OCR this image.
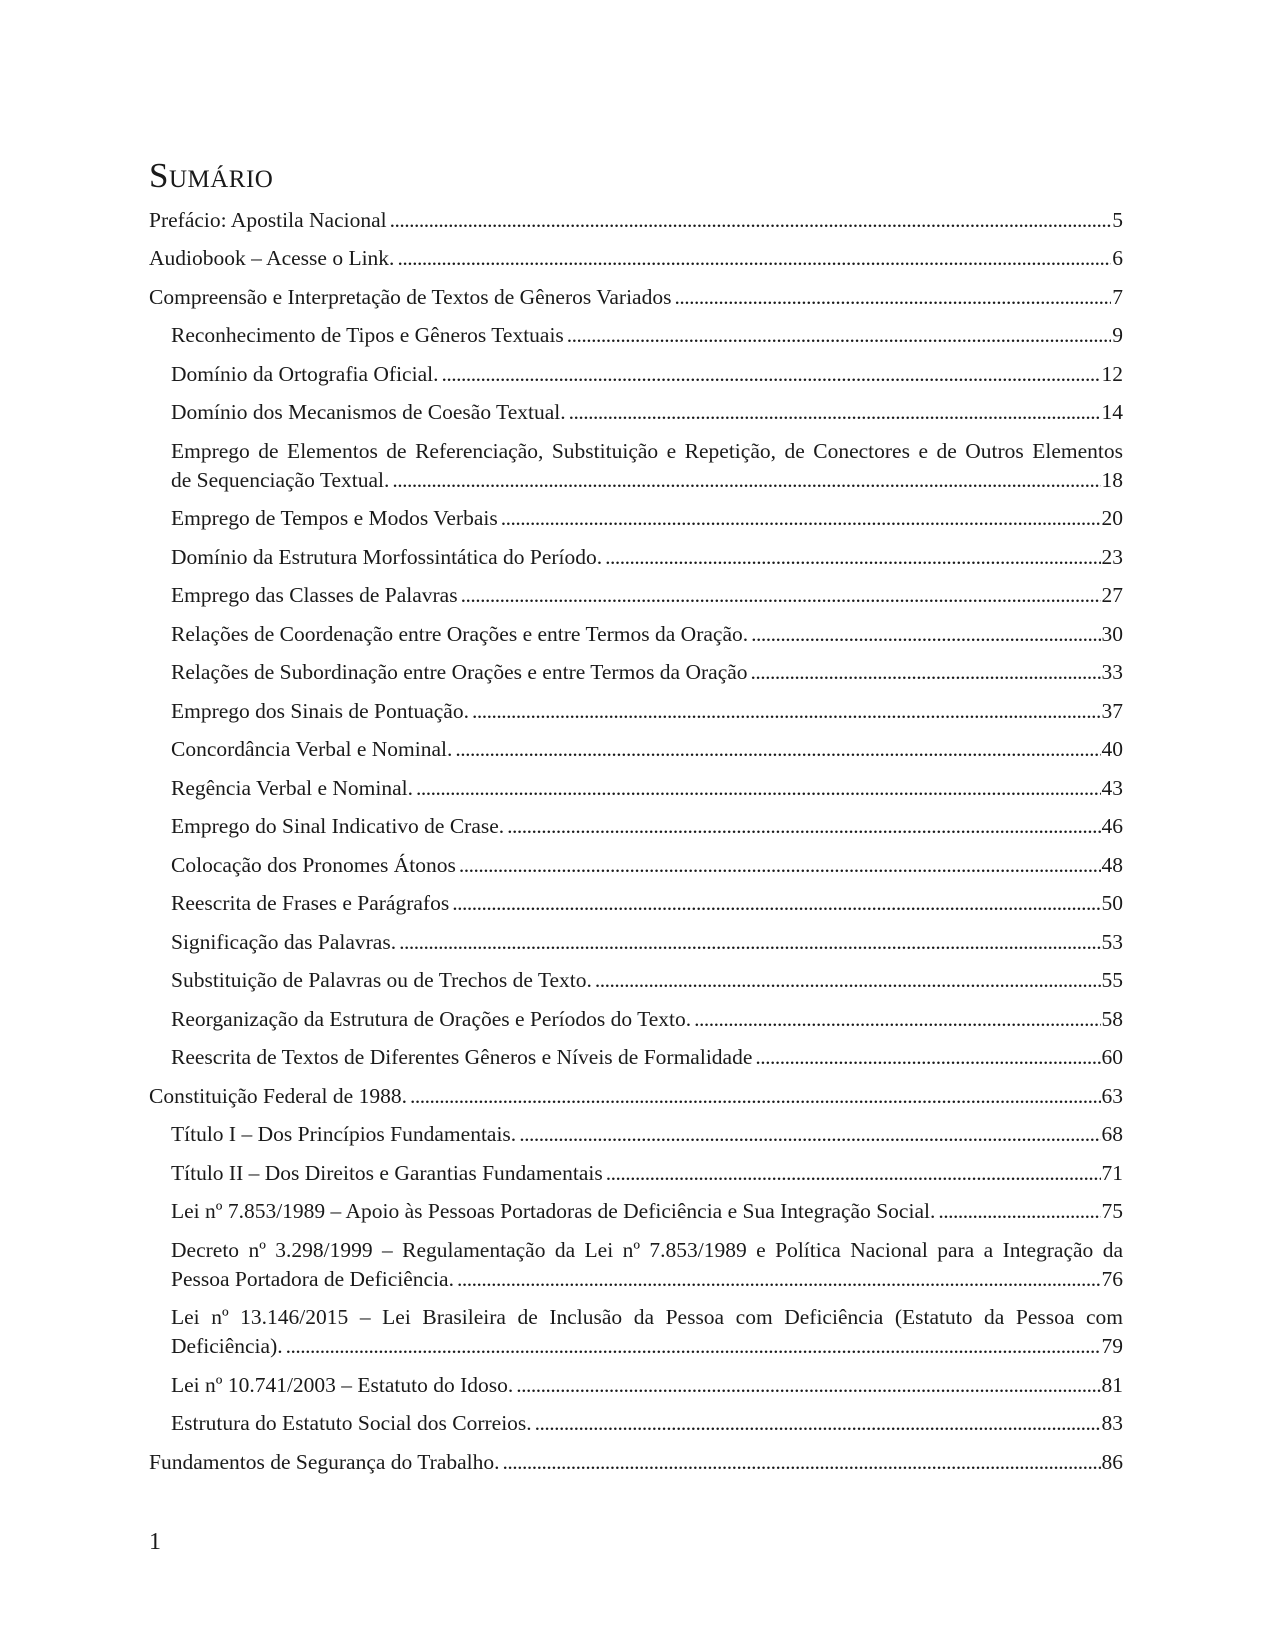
Sumário
Prefácio: Apostila Nacional .....	5
Audiobook – Acesse o Link. .....	6
Compreensão e Interpretação de Textos de Gêneros Variados .....	7
Reconhecimento de Tipos e Gêneros Textuais .....	9
Domínio da Ortografia Oficial. .....	12
Domínio dos Mecanismos de Coesão Textual. .....	14
Emprego de Elementos de Referenciação, Substituição e Repetição, de Conectores e de Outros Elementos
de Sequenciação Textual. .....	18
Emprego de Tempos e Modos Verbais .....	20
Domínio da Estrutura Morfossintática do Período. .....	23
Emprego das Classes de Palavras .....	27
Relações de Coordenação entre Orações e entre Termos da Oração. .....	30
Relações de Subordinação entre Orações e entre Termos da Oração .....	33
Emprego dos Sinais de Pontuação. .....	37
Concordância Verbal e Nominal. .....	40
Regência Verbal e Nominal. .....	43
Emprego do Sinal Indicativo de Crase. .....	46
Colocação dos Pronomes Átonos .....	48
Reescrita de Frases e Parágrafos .....	50
Significação das Palavras. .....	53
Substituição de Palavras ou de Trechos de Texto. .....	55
Reorganização da Estrutura de Orações e Períodos do Texto. .....	58
Reescrita de Textos de Diferentes Gêneros e Níveis de Formalidade .....	60
Constituição Federal de 1988. .....	63
Título I – Dos Princípios Fundamentais. .....	68
Título II – Dos Direitos e Garantias Fundamentais .....	71
Lei nº 7.853/1989 – Apoio às Pessoas Portadoras de Deficiência e Sua Integração Social. .....	75
Decreto nº 3.298/1999 – Regulamentação da Lei nº 7.853/1989 e Política Nacional para a Integração da
Pessoa Portadora de Deficiência. .....	76
Lei nº 13.146/2015 – Lei Brasileira de Inclusão da Pessoa com Deficiência (Estatuto da Pessoa com
Deficiência). .....	79
Lei nº 10.741/2003 – Estatuto do Idoso. .....	81
Estrutura do Estatuto Social dos Correios. .....	83
Fundamentos de Segurança do Trabalho. .....	86
1
